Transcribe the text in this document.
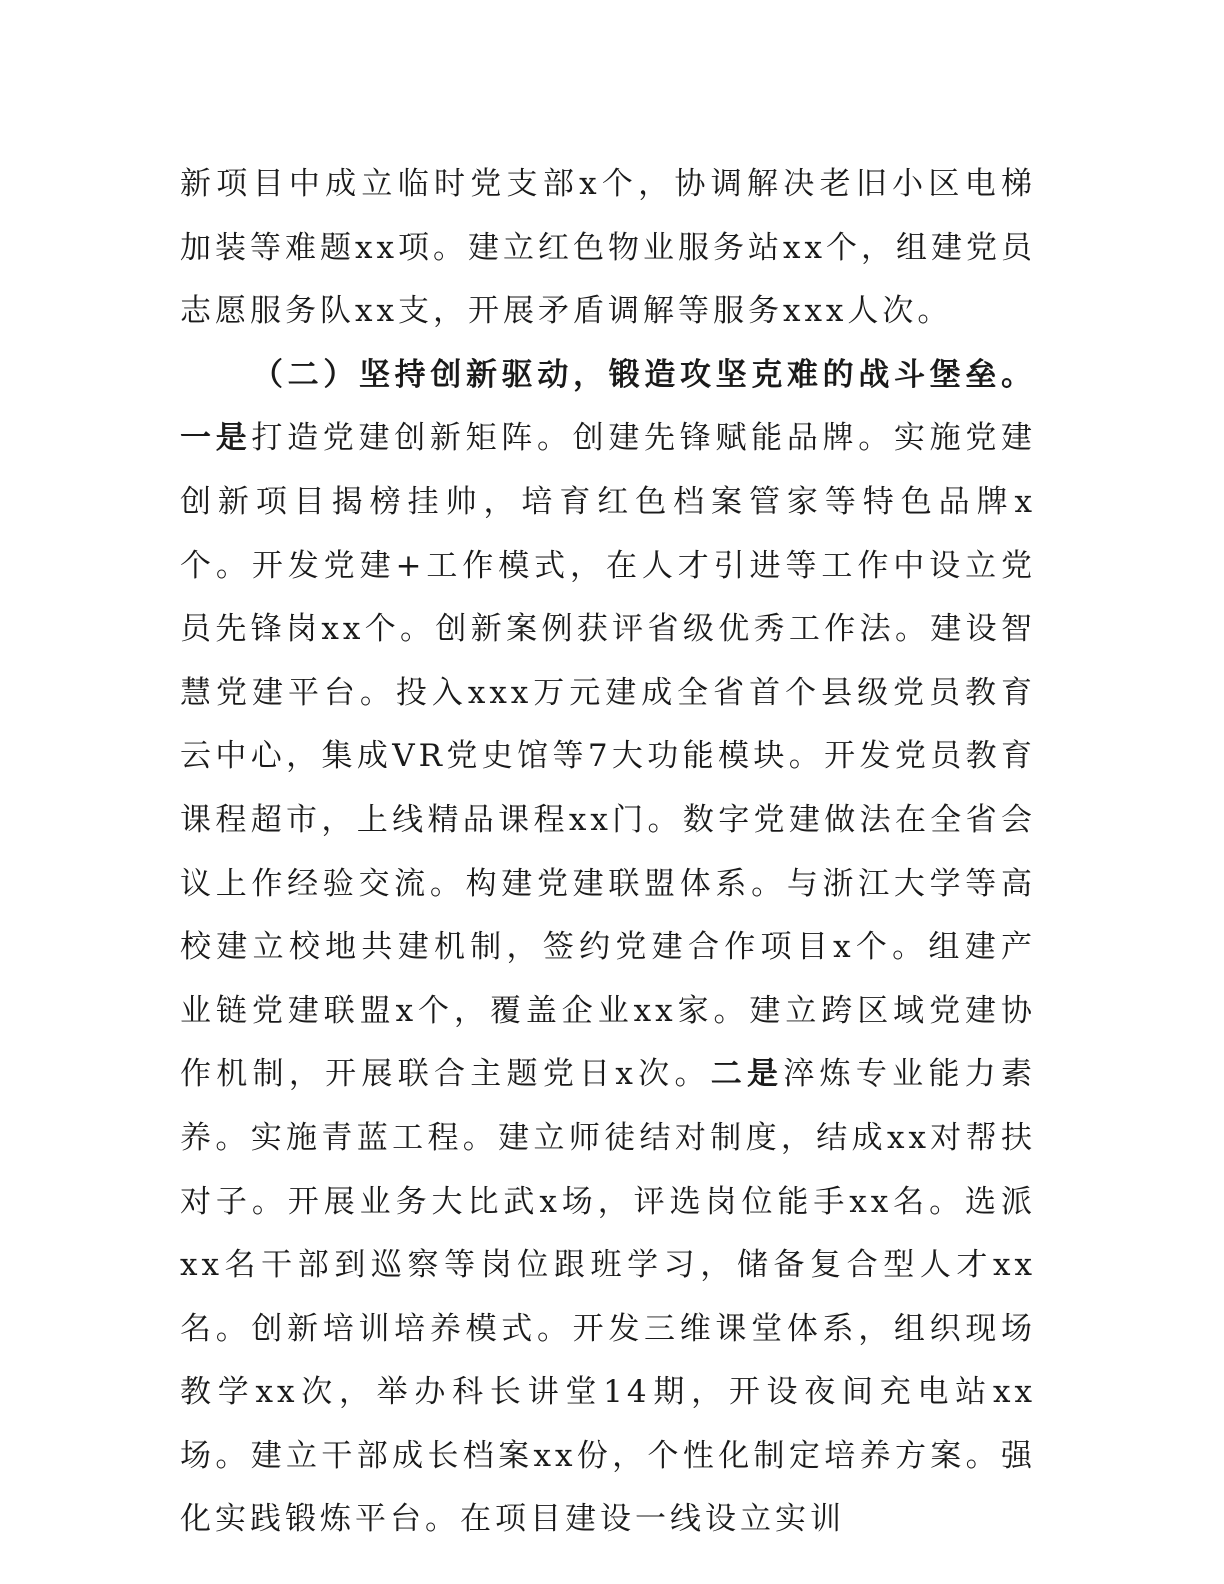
新项目中成立临时党支部x个，协调解决老旧小区电梯加装等难题xx项。建立红色物业服务站xx个，组建党员志愿服务队xx支，开展矛盾调解等服务xxx人次。

（二）坚持创新驱动，锻造攻坚克难的战斗堡垒。一是打造党建创新矩阵。创建先锋赋能品牌。实施党建创新项目揭榜挂帅，培育红色档案管家等特色品牌x个。开发党建+工作模式，在人才引进等工作中设立党员先锋岗xx个。创新案例获评省级优秀工作法。建设智慧党建平台。投入xxx万元建成全省首个县级党员教育云中心，集成VR党史馆等7大功能模块。开发党员教育课程超市，上线精品课程xx门。数字党建做法在全省会议上作经验交流。构建党建联盟体系。与浙江大学等高校建立校地共建机制，签约党建合作项目x个。组建产业链党建联盟x个，覆盖企业xx家。建立跨区域党建协作机制，开展联合主题党日x次。二是淬炼专业能力素养。实施青蓝工程。建立师徒结对制度，结成xx对帮扶对子。开展业务大比武x场，评选岗位能手xx名。选派xx名干部到巡察等岗位跟班学习，储备复合型人才xx名。创新培训培养模式。开发三维课堂体系，组织现场教学xx次，举办科长讲堂14期，开设夜间充电站xx场。建立干部成长档案xx份，个性化制定培养方案。强化实践锻炼平台。在项目建设一线设立实训
